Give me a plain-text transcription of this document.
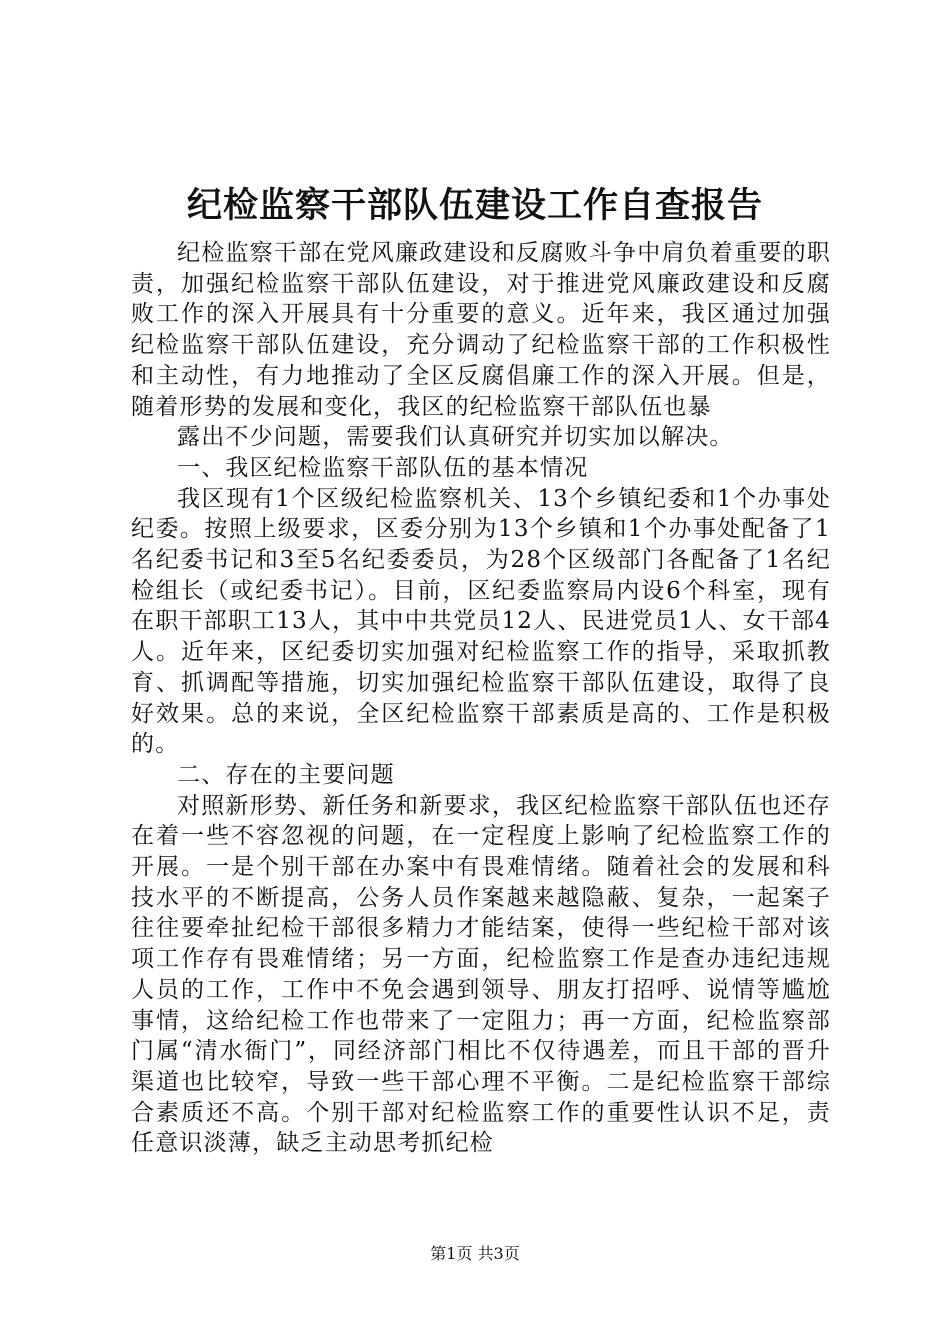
纪检监察干部队伍建设工作自查报告

纪检监察干部在党风廉政建设和反腐败斗争中肩负着重要的职责，加强纪检监察干部队伍建设，对于推进党风廉政建设和反腐败工作的深入开展具有十分重要的意义。近年来，我区通过加强纪检监察干部队伍建设，充分调动了纪检监察干部的工作积极性和主动性，有力地推动了全区反腐倡廉工作的深入开展。但是，随着形势的发展和变化，我区的纪检监察干部队伍也暴

露出不少问题，需要我们认真研究并切实加以解决。

一、我区纪检监察干部队伍的基本情况

我区现有1个区级纪检监察机关、13个乡镇纪委和1个办事处纪委。按照上级要求，区委分别为13个乡镇和1个办事处配备了1名纪委书记和3至5名纪委委员，为28个区级部门各配备了1名纪检组长（或纪委书记）。目前，区纪委监察局内设6个科室，现有在职干部职工13人，其中中共党员12人、民进党员1人、女干部4人。近年来，区纪委切实加强对纪检监察工作的指导，采取抓教育、抓调配等措施，切实加强纪检监察干部队伍建设，取得了良好效果。总的来说，全区纪检监察干部素质是高的、工作是积极的。

二、存在的主要问题

对照新形势、新任务和新要求，我区纪检监察干部队伍也还存在着一些不容忽视的问题，在一定程度上影响了纪检监察工作的开展。一是个别干部在办案中有畏难情绪。随着社会的发展和科技水平的不断提高，公务人员作案越来越隐蔽、复杂，一起案子往往要牵扯纪检干部很多精力才能结案，使得一些纪检干部对该项工作存有畏难情绪；另一方面，纪检监察工作是查办违纪违规人员的工作，工作中不免会遇到领导、朋友打招呼、说情等尴尬事情，这给纪检工作也带来了一定阻力；再一方面，纪检监察部门属“清水衙门”，同经济部门相比不仅待遇差，而且干部的晋升渠道也比较窄，导致一些干部心理不平衡。二是纪检监察干部综合素质还不高。个别干部对纪检监察工作的重要性认识不足，责任意识淡薄，缺乏主动思考抓纪检

第1页 共3页
